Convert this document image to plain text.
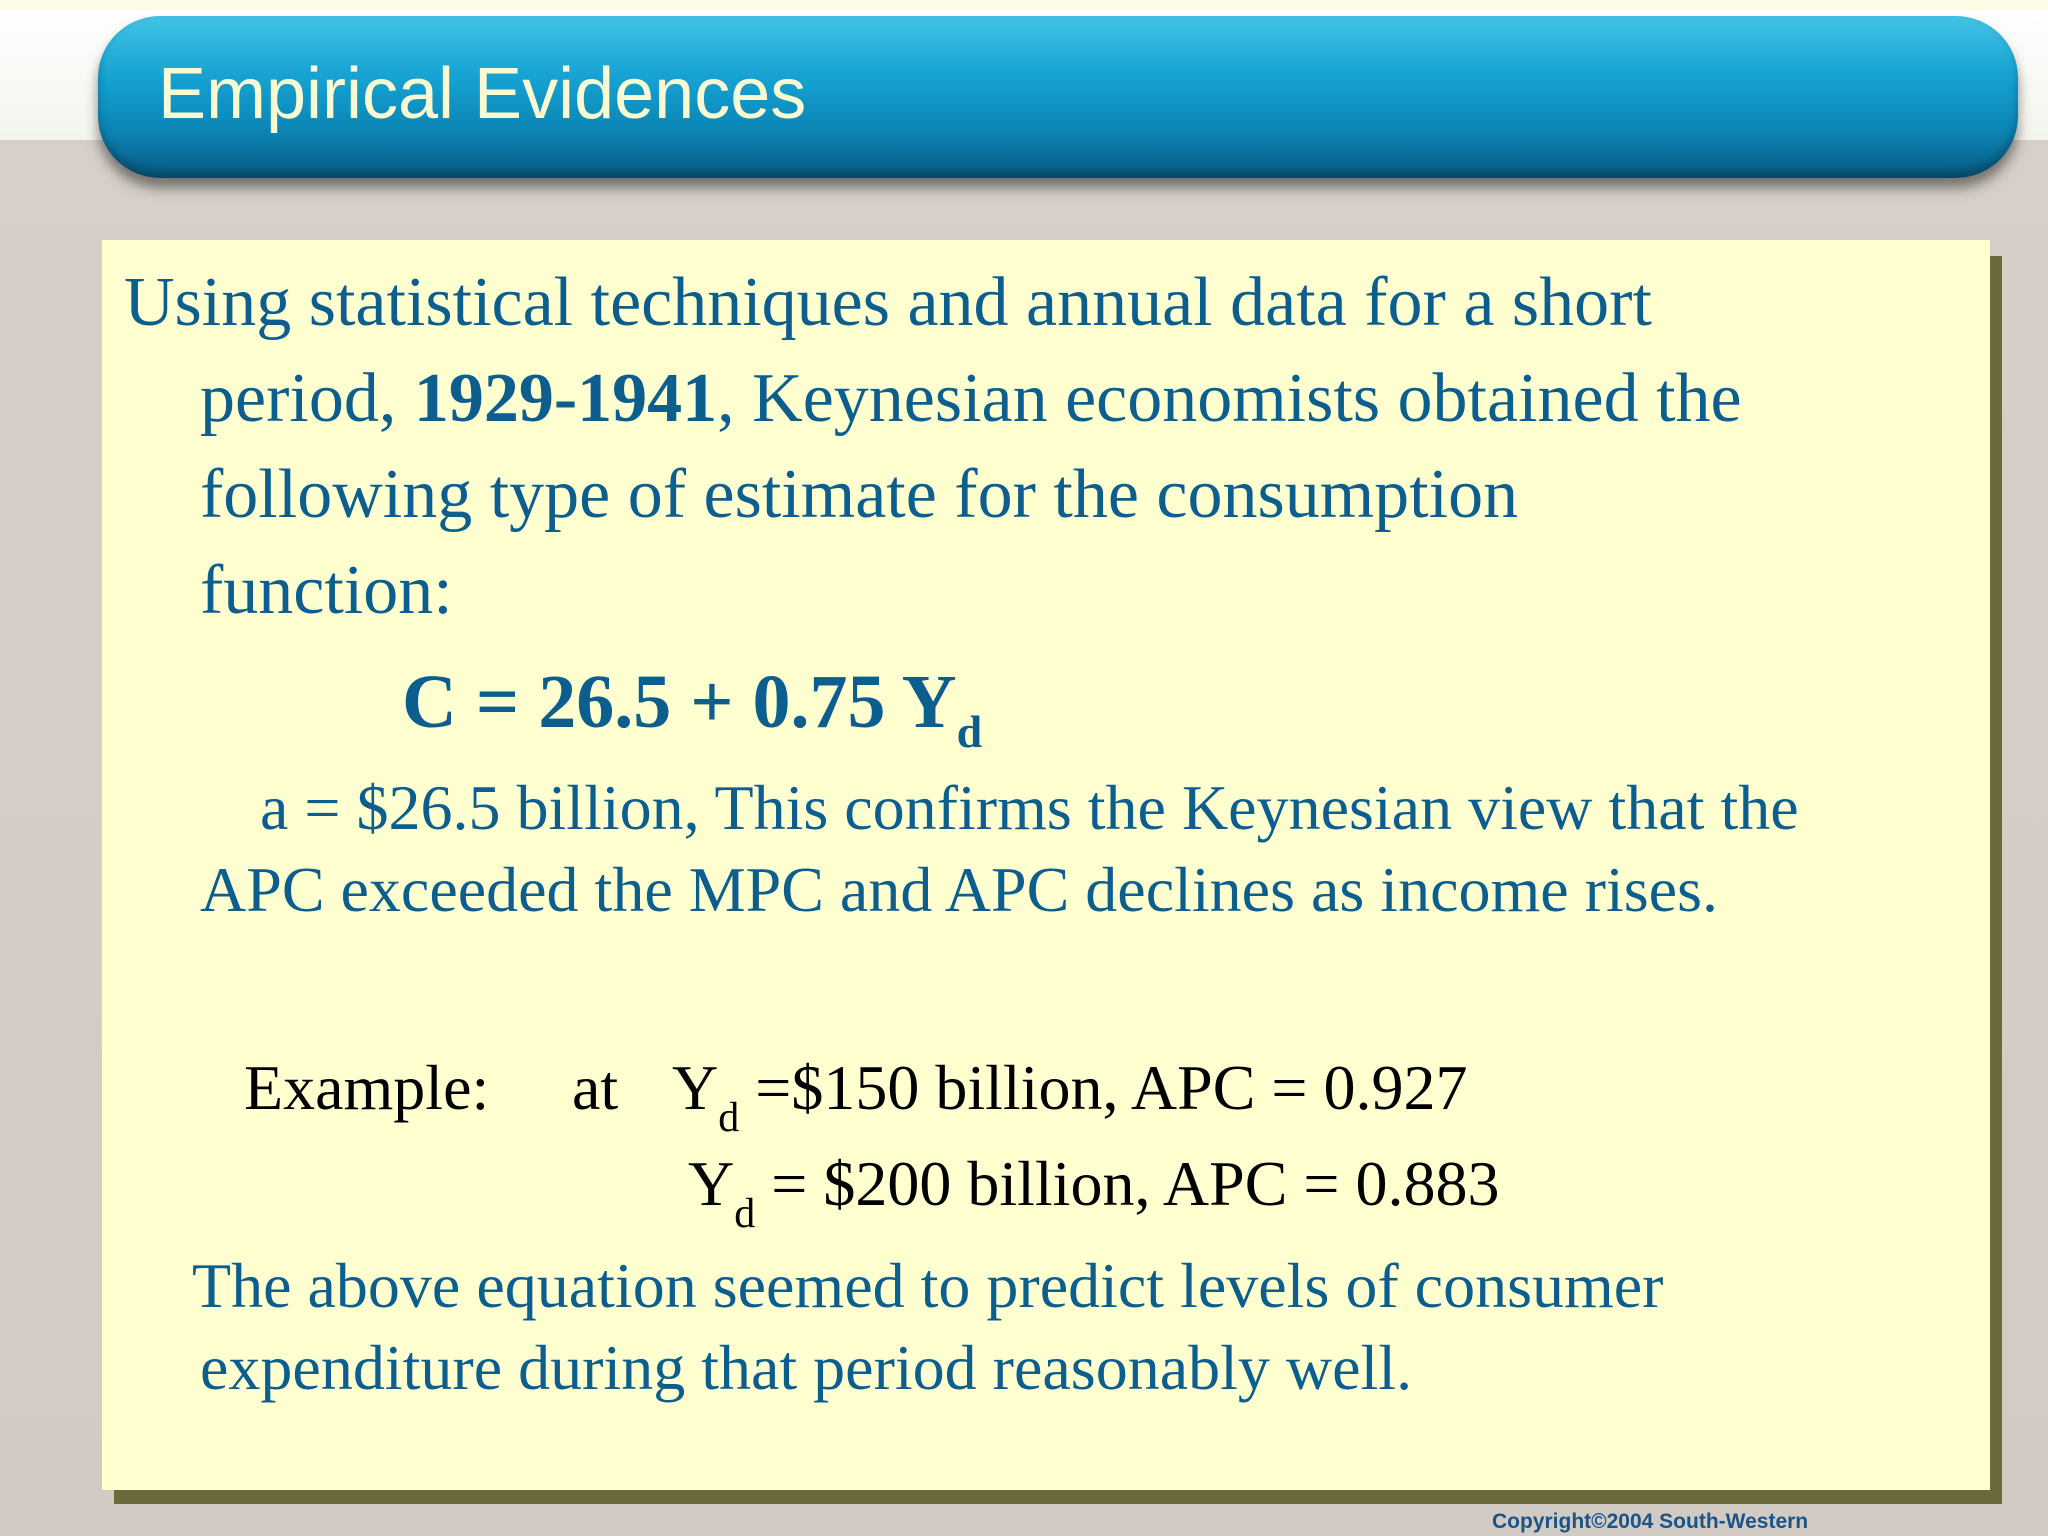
Empirical Evidences
Using statistical techniques and annual data for a short
period, 1929-1941, Keynesian economists obtained the
following type of estimate for the consumption
function:
C = 26.5 + 0.75 $Y_d$
a = $26.5 billion, This confirms the Keynesian view that the
APC exceeded the MPC and APC declines as income rises.
Example: at $Y_d$ =$150 billion, APC = 0.927
$Y_d$ = $200 billion, APC = 0.883
The above equation seemed to predict levels of consumer
expenditure during that period reasonably well.
Copyright©2004 South-Western
